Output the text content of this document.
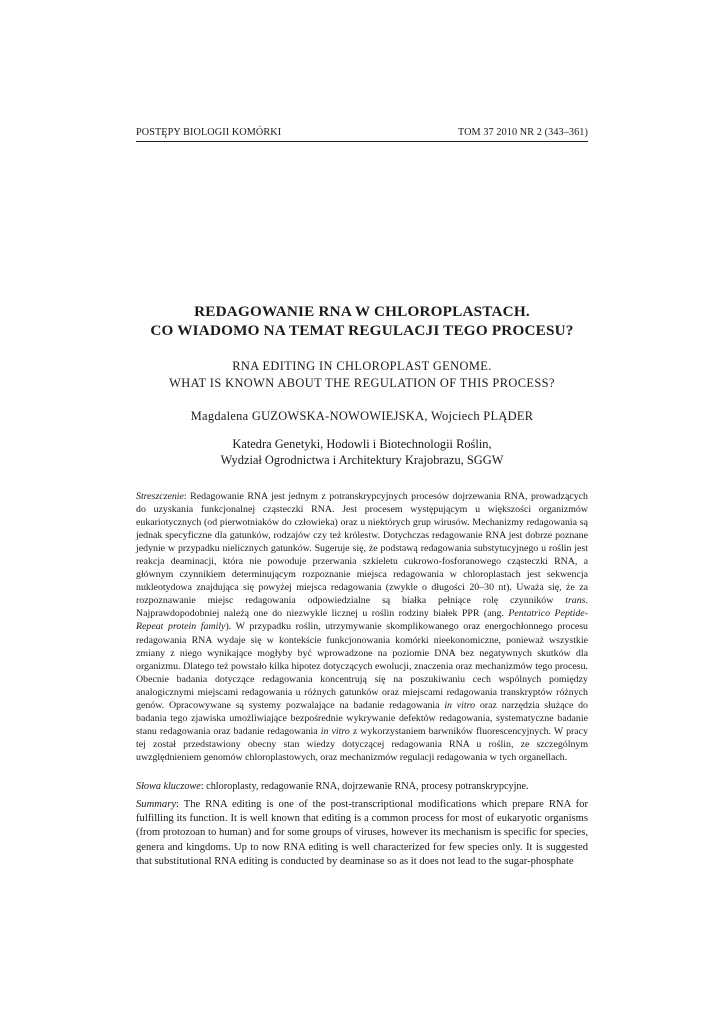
POSTĘPY BIOLOGII KOMÓRKI	TOM 37 2010 NR 2 (343–361)
REDAGOWANIE RNA W CHLOROPLASTACH.
CO WIADOMO NA TEMAT REGULACJI TEGO PROCESU?
RNA EDITING IN CHLOROPLAST GENOME.
WHAT IS KNOWN ABOUT THE REGULATION OF THIS PROCESS?
Magdalena GUZOWSKA-NOWOWIEJSKA, Wojciech PLĄDER
Katedra Genetyki, Hodowli i Biotechnologii Roślin,
Wydział Ogrodnictwa i Architektury Krajobrazu, SGGW
Streszczenie: Redagowanie RNA jest jednym z potranskrypcyjnych procesów dojrzewania RNA, prowadzących do uzyskania funkcjonalnej cząsteczki RNA. Jest procesem występującym u większości organizmów eukariotycznych (od pierwotniaków do człowieka) oraz u niektórych grup wirusów. Mechanizmy redagowania są jednak specyficzne dla gatunków, rodzajów czy też królestw. Dotychczas redagowanie RNA jest dobrze poznane jedynie w przypadku nielicznych gatunków. Sugeruje się, że podstawą redagowania substytucyjnego u roślin jest reakcja deaminacji, która nie powoduje przerwania szkieletu cukrowo-fosforanowego cząsteczki RNA, a głównym czynnikiem determinującym rozpoznanie miejsca redagowania w chloroplastach jest sekwencja nukleotydowa znajdująca się powyżej miejsca redagowania (zwykle o długości 20–30 nt). Uważa się, że za rozpoznawanie miejsc redagowania odpowiedzialne są białka pełniące rolę czynników trans. Najprawdopodobniej należą one do niezwykle licznej u roślin rodziny białek PPR (ang. Pentatrico Peptide-Repeat protein family). W przypadku roślin, utrzymywanie skomplikowanego oraz energochłonnego procesu redagowania RNA wydaje się w kontekście funkcjonowania komórki nieekonomiczne, ponieważ wszystkie zmiany z niego wynikające mogłyby być wprowadzone na poziomie DNA bez negatywnych skutków dla organizmu. Dlatego też powstało kilka hipotez dotyczących ewolucji, znaczenia oraz mechanizmów tego procesu. Obecnie badania dotyczące redagowania koncentrują się na poszukiwaniu cech wspólnych pomiędzy analogicznymi miejscami redagowania u różnych gatunków oraz miejscami redagowania transkryptów różnych genów. Opracowywane są systemy pozwalające na badanie redagowania in vitro oraz narzędzia służące do badania tego zjawiska umożliwiające bezpośrednie wykrywanie defektów redagowania, systematyczne badanie stanu redagowania oraz badanie redagowania in vitro z wykorzystaniem barwników fluorescencyjnych. W pracy tej został przedstawiony obecny stan wiedzy dotyczącej redagowania RNA u roślin, ze szczególnym uwzględnieniem genomów chloroplastowych, oraz mechanizmów regulacji redagowania w tych organellach.
Słowa kluczowe: chloroplasty, redagowanie RNA, dojrzewanie RNA, procesy potranskrypcyjne.
Summary: The RNA editing is one of the post-transcriptional modifications which prepare RNA for fulfilling its function. It is well known that editing is a common process for most of eukaryotic organisms (from protozoan to human) and for some groups of viruses, however its mechanism is specific for species, genera and kingdoms. Up to now RNA editing is well characterized for few species only. It is suggested that substitutional RNA editing is conducted by deaminase so as it does not lead to the sugar-phosphate
